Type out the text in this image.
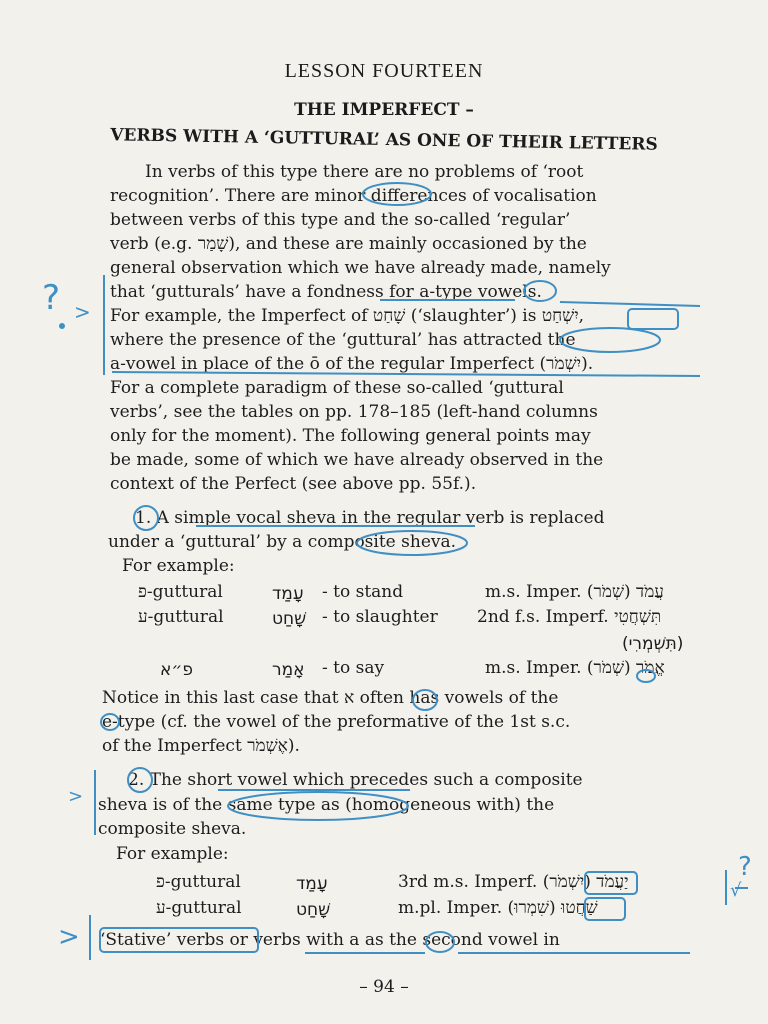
LESSON FOURTEEN
THE IMPERFECT –
VERBS WITH A ‘GUTTURAL’ AS ONE OF THEIR LETTERS
In verbs of this type there are no problems of ‘root
recognition’. There are minor differences of vocalisation
between verbs of this type and the so-called ‘regular’
verb (e.g. שָׁמַר), and these are mainly occasioned by the
general observation which we have already made, namely
that ‘gutturals’ have a fondness for a-type vowels.
For example, the Imperfect of שָׁחַט (‘slaughter’) is יִשְׁחַט,
where the presence of the ‘guttural’ has attracted the
a-vowel in place of the ō of the regular Imperfect (יִשְׁמֹר).
For a complete paradigm of these so-called ‘guttural
verbs’, see the tables on pp. 178–185 (left-hand columns
only for the moment). The following general points may
be made, some of which we have already observed in the
context of the Perfect (see above pp. 55f.).
1. A simple vocal sheva in the regular verb is replaced
under a ‘guttural’ by a composite sheva.
For example:
פ-guttural	עָמַד - to stand	m.s. Imper. עֲמֹד (שְׁמֹר)
ע-guttural	שָׁחַט - to slaughter 2nd f.s. Imperf. תִּשְׁחֲטִי
(תִּשְׁמְרִי)
פ״א	אָמַר - to say	m.s. Imper. אֱמֹר (שְׁמֹר)
Notice in this last case that א often has vowels of the
e-type (cf. the vowel of the preformative of the 1st s.c.
of the Imperfect אֶשְׁמֹר).
2. The short vowel which precedes such a composite
sheva is of the same type as (homogeneous with) the
composite sheva.
For example:
פ-guttural	עָמַד	3rd m.s. Imperf. יַעֲמֹד (יִשְׁמֹר)
ע-guttural	שָׁחַט	m.pl. Imper. שַׁחֲטוּ (שִׁמְרוּ)
‘Stative’ verbs or verbs with a as the second vowel in
– 94 –
? >
>
>
?
√
